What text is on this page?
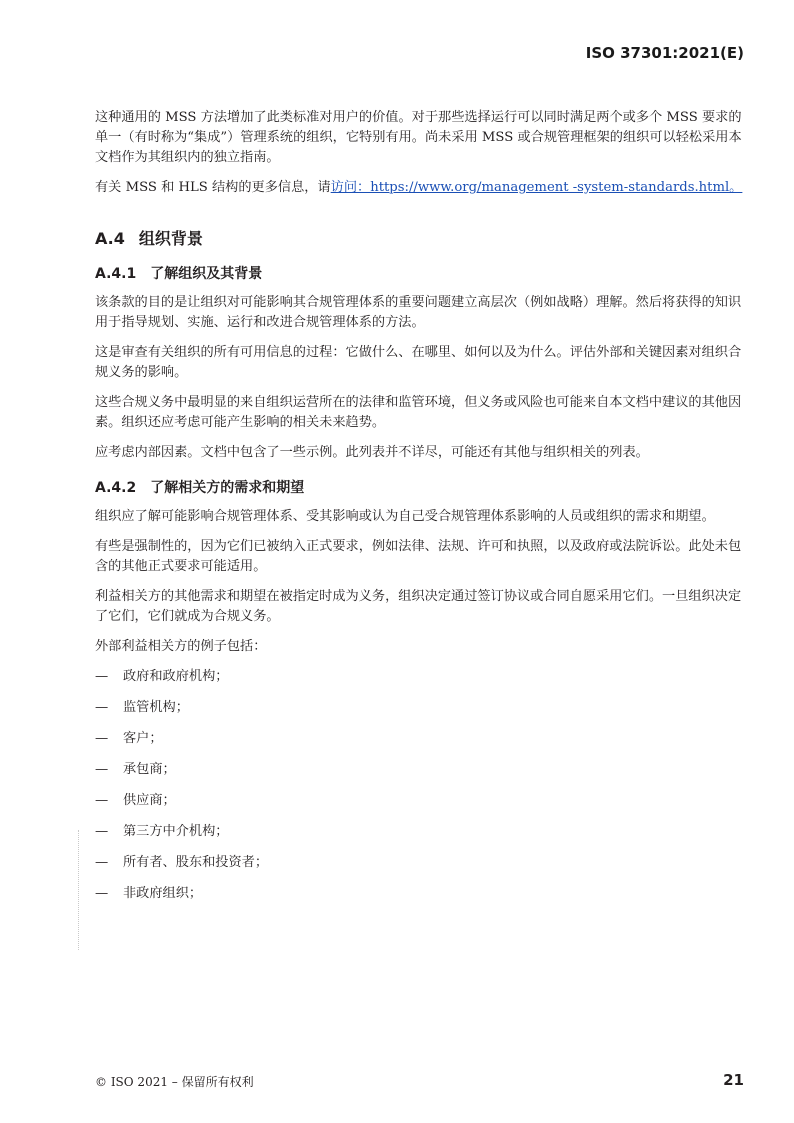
ISO 37301:2021(E)

这种通用的 MSS 方法增加了此类标准对用户的价值。对于那些选择运行可以同时满足两个或多个 MSS 要求的单一（有时称为“集成”）管理系统的组织，它特别有用。尚未采用 MSS 或合规管理框架的组织可以轻松采用本文档作为其组织内的独立指南。

有关 MSS 和 HLS 结构的更多信息，请访问：https://www.org/management -system-standards.html。

A.4 组织背景
A.4.1 了解组织及其背景

该条款的目的是让组织对可能影响其合规管理体系的重要问题建立高层次（例如战略）理解。然后将获得的知识用于指导规划、实施、运行和改进合规管理体系的方法。

这是审查有关组织的所有可用信息的过程：它做什么、在哪里、如何以及为什么。评估外部和关键因素对组织合规义务的影响。

这些合规义务中最明显的来自组织运营所在的法律和监管环境，但义务或风险也可能来自本文档中建议的其他因素。组织还应考虑可能产生影响的相关未来趋势。

应考虑内部因素。文档中包含了一些示例。此列表并不详尽，可能还有其他与组织相关的列表。

A.4.2 了解相关方的需求和期望

组织应了解可能影响合规管理体系、受其影响或认为自己受合规管理体系影响的人员或组织的需求和期望。

有些是强制性的，因为它们已被纳入正式要求，例如法律、法规、许可和执照，以及政府或法院诉讼。此处未包含的其他正式要求可能适用。

利益相关方的其他需求和期望在被指定时成为义务，组织决定通过签订协议或合同自愿采用它们。一旦组织决定了它们，它们就成为合规义务。

外部利益相关方的例子包括：

—	政府和政府机构；
—	监管机构；
—	客户；
—	承包商；
—	供应商；
—	第三方中介机构；
—	所有者、股东和投资者；
—	非政府组织；
© ISO 2021 – 保留所有权利	21
